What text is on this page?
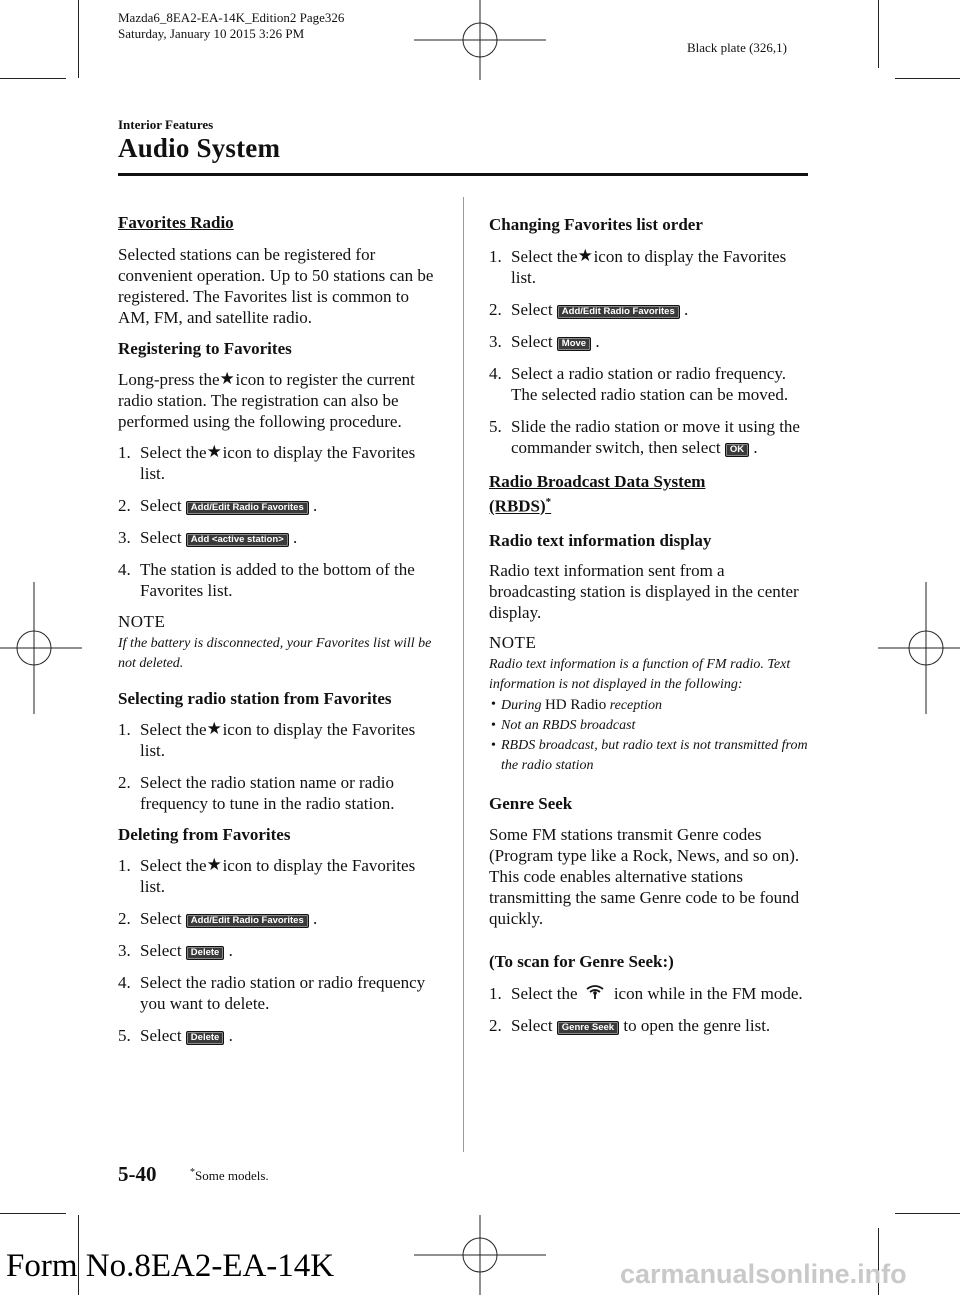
Mazda6_8EA2-EA-14K_Edition2 Page326
Saturday, January 10 2015 3:26 PM
Black plate (326,1)
Interior Features
Audio System

Favorites Radio

Selected stations can be registered for convenient operation. Up to 50 stations can be registered. The Favorites list is common to AM, FM, and satellite radio.

Registering to Favorites

Long-press the★icon to register the current radio station. The registration can also be performed using the following procedure.

1. Select the★icon to display the Favorites list.
2. Select Add/Edit Radio Favorites .
3. Select Add <active station> .
4. The station is added to the bottom of the Favorites list.

NOTE

If the battery is disconnected, your Favorites list will be not deleted.

Selecting radio station from Favorites

1. Select the★icon to display the Favorites list.
2. Select the radio station name or radio frequency to tune in the radio station.

Deleting from Favorites

1. Select the★icon to display the Favorites list.
2. Select Add/Edit Radio Favorites .
3. Select Delete .
4. Select the radio station or radio frequency you want to delete.
5. Select Delete .

Changing Favorites list order

1. Select the★icon to display the Favorites list.
2. Select Add/Edit Radio Favorites .
3. Select Move .
4. Select a radio station or radio frequency. The selected radio station can be moved.
5. Slide the radio station or move it using the commander switch, then select OK .

Radio Broadcast Data System
(RBDS)*

Radio text information display

Radio text information sent from a broadcasting station is displayed in the center display.

NOTE

Radio text information is a function of FM radio. Text information is not displayed in the following:

• During HD Radio reception
• Not an RBDS broadcast
• RBDS broadcast, but radio text is not transmitted from the radio station

Genre Seek

Some FM stations transmit Genre codes (Program type like a Rock, News, and so on). This code enables alternative stations transmitting the same Genre code to be found quickly.

(To scan for Genre Seek:)

1. Select the icon while in the FM mode.
2. Select Genre Seek to open the genre list.
5-40	*Some models.
Form No.8EA2-EA-14K	carmanualsonline.info
